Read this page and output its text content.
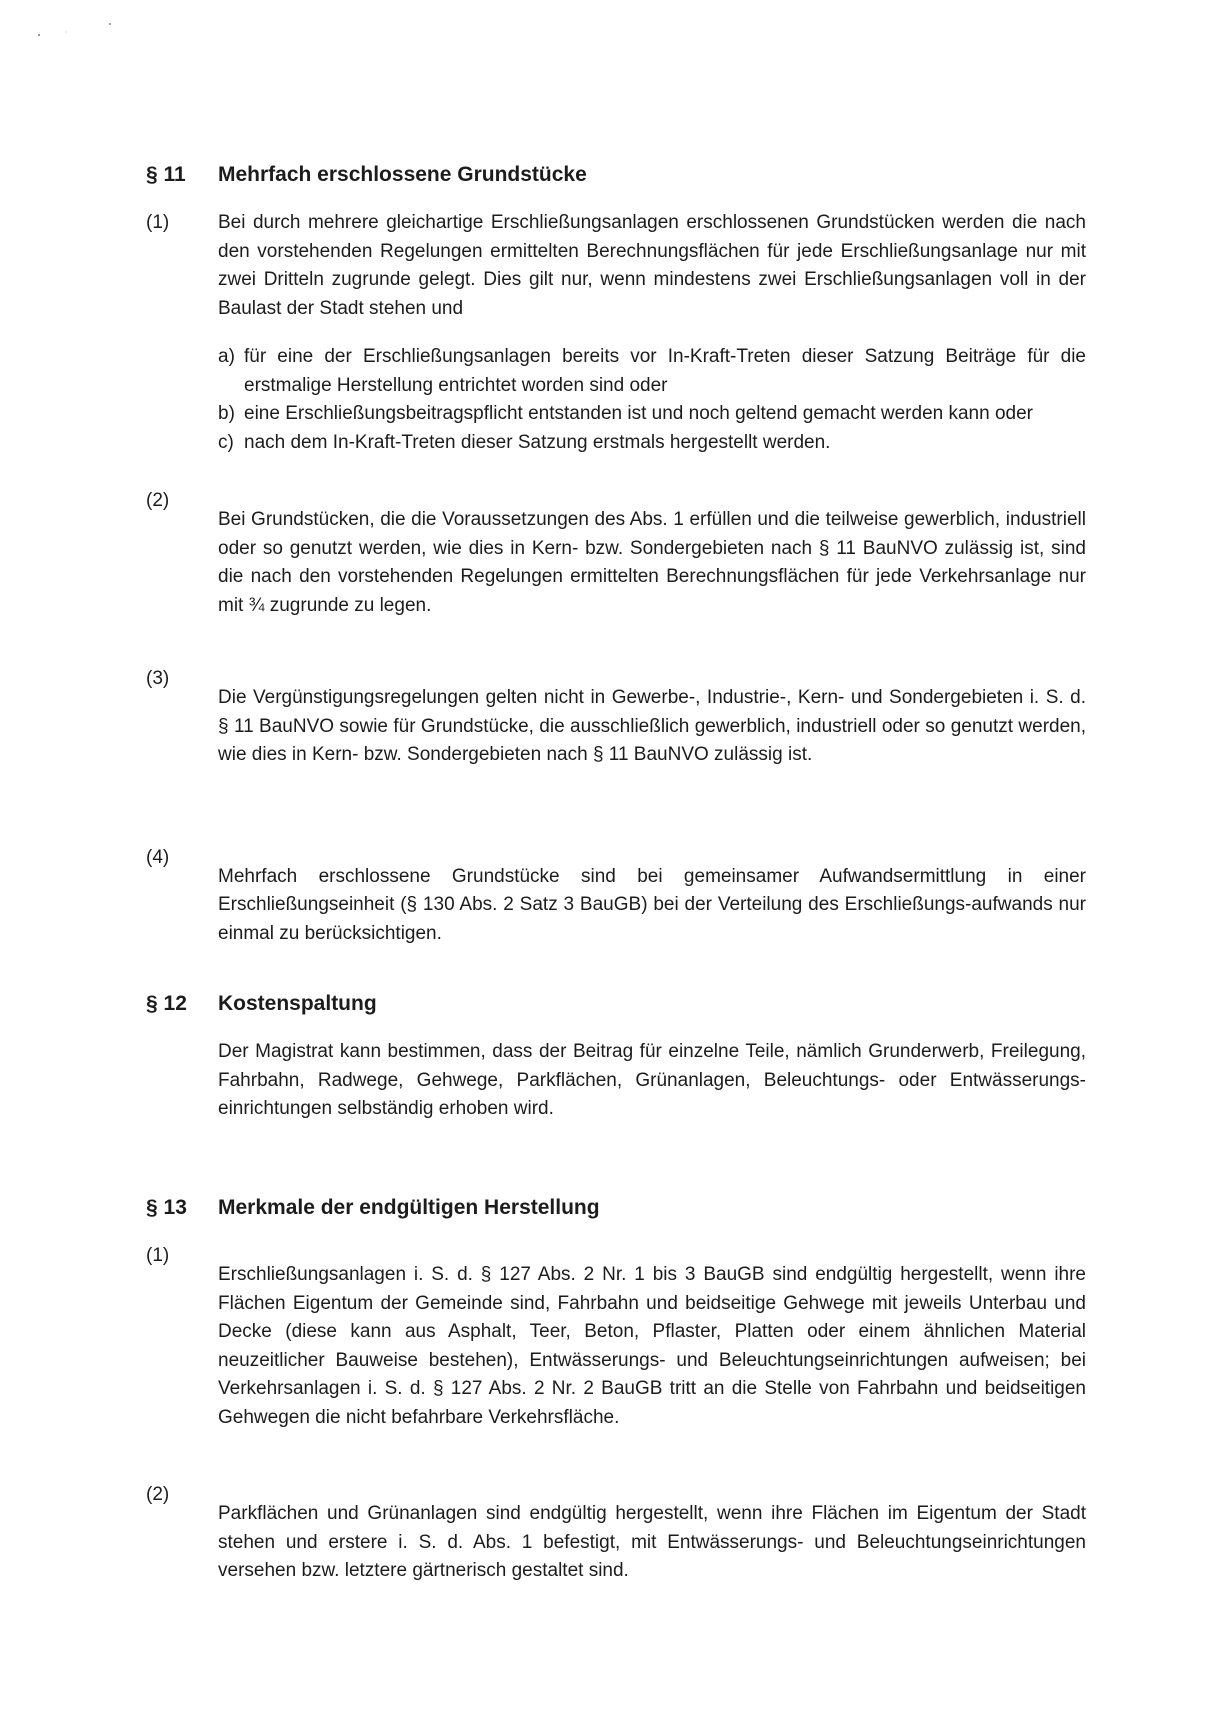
§ 11	Mehrfach erschlossene Grundstücke
(1)	Bei durch mehrere gleichartige Erschließungsanlagen erschlossenen Grundstücken werden die nach den vorstehenden Regelungen ermittelten Berechnungsflächen für jede Erschließungsanlage nur mit zwei Dritteln zugrunde gelegt. Dies gilt nur, wenn mindestens zwei Erschließungsanlagen voll in der Baulast der Stadt stehen und

a) für eine der Erschließungsanlagen bereits vor In-Kraft-Treten dieser Satzung Beiträge für die erstmalige Herstellung entrichtet worden sind oder
b) eine Erschließungsbeitragspflicht entstanden ist und noch geltend gemacht werden kann oder
c) nach dem In-Kraft-Treten dieser Satzung erstmals hergestellt werden.
(2)

Bei Grundstücken, die die Voraussetzungen des Abs. 1 erfüllen und die teilweise gewerblich, industriell oder so genutzt werden, wie dies in Kern- bzw. Sondergebieten nach § 11 BauNVO zulässig ist, sind die nach den vorstehenden Regelungen ermittelten Berechnungsflächen für jede Verkehrsanlage nur mit ¾ zugrunde zu legen.

(3)

Die Vergünstigungsregelungen gelten nicht in Gewerbe-, Industrie-, Kern- und Sondergebieten i. S. d. § 11 BauNVO sowie für Grundstücke, die ausschließlich gewerblich, industriell oder so genutzt werden, wie dies in Kern- bzw. Sondergebieten nach § 11 BauNVO zulässig ist.

(4)

Mehrfach erschlossene Grundstücke sind bei gemeinsamer Aufwandsermittlung in einer Erschließungseinheit (§ 130 Abs. 2 Satz 3 BauGB) bei der Verteilung des Erschließungs-aufwands nur einmal zu berücksichtigen.

§ 12	Kostenspaltung

Der Magistrat kann bestimmen, dass der Beitrag für einzelne Teile, nämlich Grunderwerb, Freilegung, Fahrbahn, Radwege, Gehwege, Parkflächen, Grünanlagen, Beleuchtungs- oder Entwässerungs-einrichtungen selbständig erhoben wird.

§ 13	Merkmale der endgültigen Herstellung
(1)

Erschließungsanlagen i. S. d. § 127 Abs. 2 Nr. 1 bis 3 BauGB sind endgültig hergestellt, wenn ihre Flächen Eigentum der Gemeinde sind, Fahrbahn und beidseitige Gehwege mit jeweils Unterbau und Decke (diese kann aus Asphalt, Teer, Beton, Pflaster, Platten oder einem ähnlichen Material neuzeitlicher Bauweise bestehen), Entwässerungs- und Beleuchtungseinrichtungen aufweisen; bei Verkehrsanlagen i. S. d. § 127 Abs. 2 Nr. 2 BauGB tritt an die Stelle von Fahrbahn und beidseitigen Gehwegen die nicht befahrbare Verkehrsfläche.

(2)

Parkflächen und Grünanlagen sind endgültig hergestellt, wenn ihre Flächen im Eigentum der Stadt stehen und erstere i. S. d. Abs. 1 befestigt, mit Entwässerungs- und Beleuchtungseinrichtungen versehen bzw. letztere gärtnerisch gestaltet sind.
